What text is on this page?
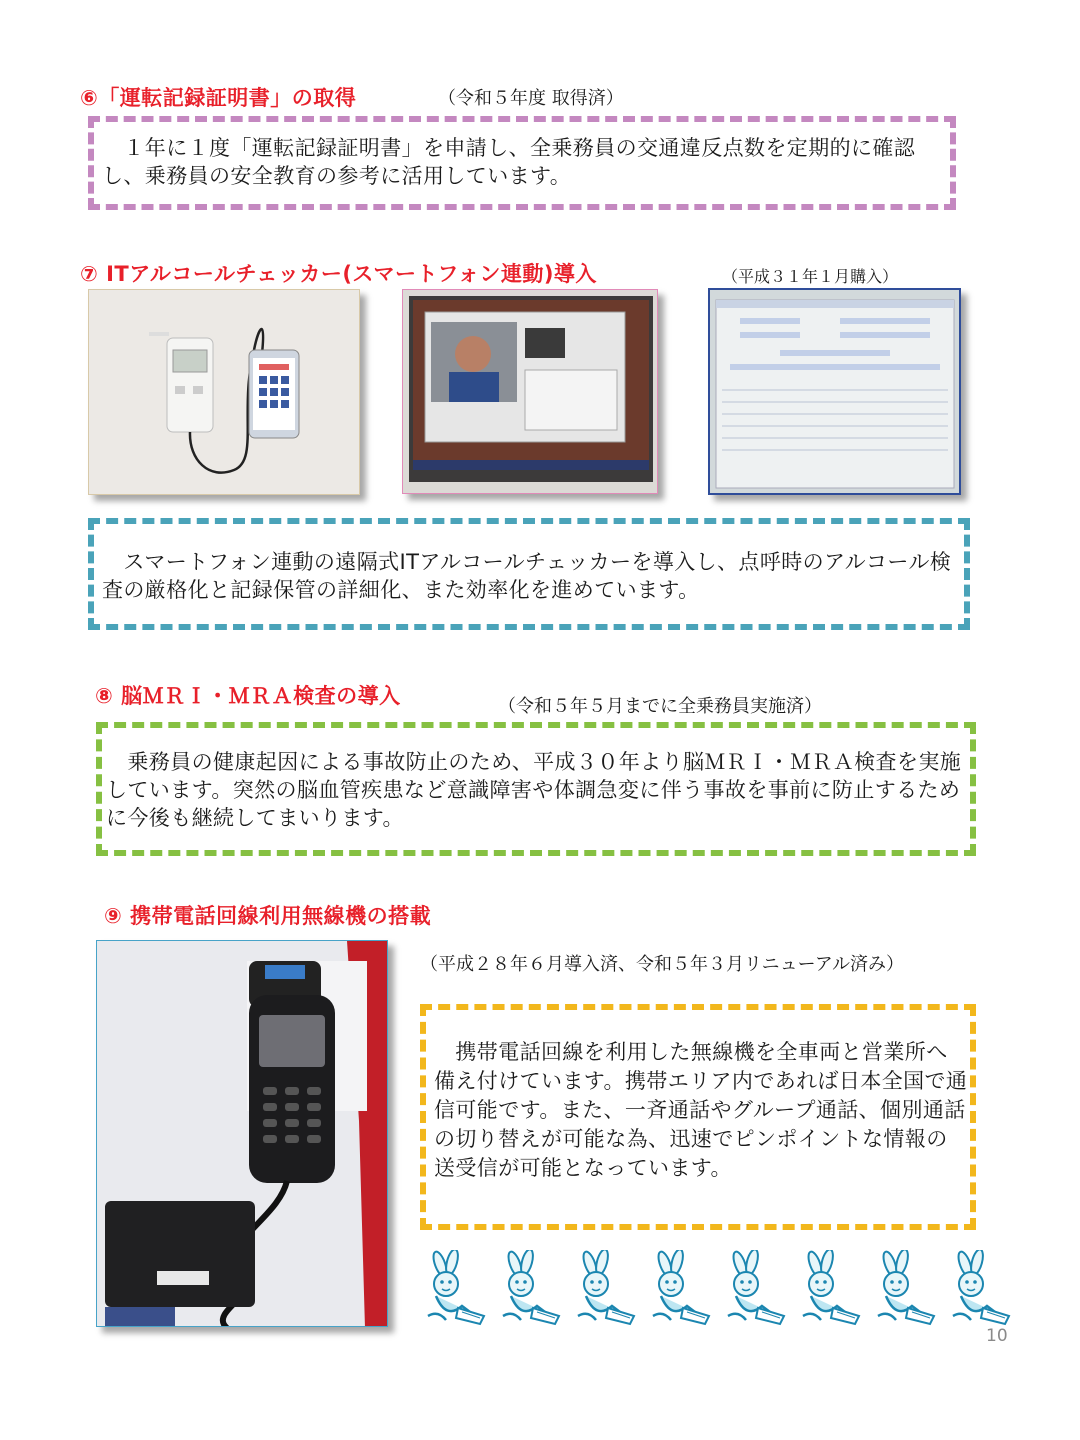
⑥「運転記録証明書」の取得	（令和５年度 取得済）

　１年に１度「運転記録証明書」を申請し、全乗務員の交通違反点数を定期的に確認し、乗務員の安全教育の参考に活用しています。

⑦ ITアルコールチェッカー(スマートフォン連動)導入	（平成３１年１月購入）

　スマートフォン連動の遠隔式ITアルコールチェッカーを導入し、点呼時のアルコール検査の厳格化と記録保管の詳細化、また効率化を進めています。

⑧ 脳ＭＲＩ・ＭＲＡ検査の導入	（令和５年５月までに全乗務員実施済）

　乗務員の健康起因による事故防止のため、平成３０年より脳ＭＲＩ・ＭＲＡ検査を実施しています。突然の脳血管疾患など意識障害や体調急変に伴う事故を事前に防止するために今後も継続してまいります。

⑨ 携帯電話回線利用無線機の搭載
（平成２８年６月導入済、令和５年３月リニューアル済み）

　携帯電話回線を利用した無線機を全車両と営業所へ備え付けています。携帯エリア内であれば日本全国で通信可能です。また、一斉通話やグループ通話、個別通話の切り替えが可能な為、迅速でピンポイントな情報の送受信が可能となっています。

10
